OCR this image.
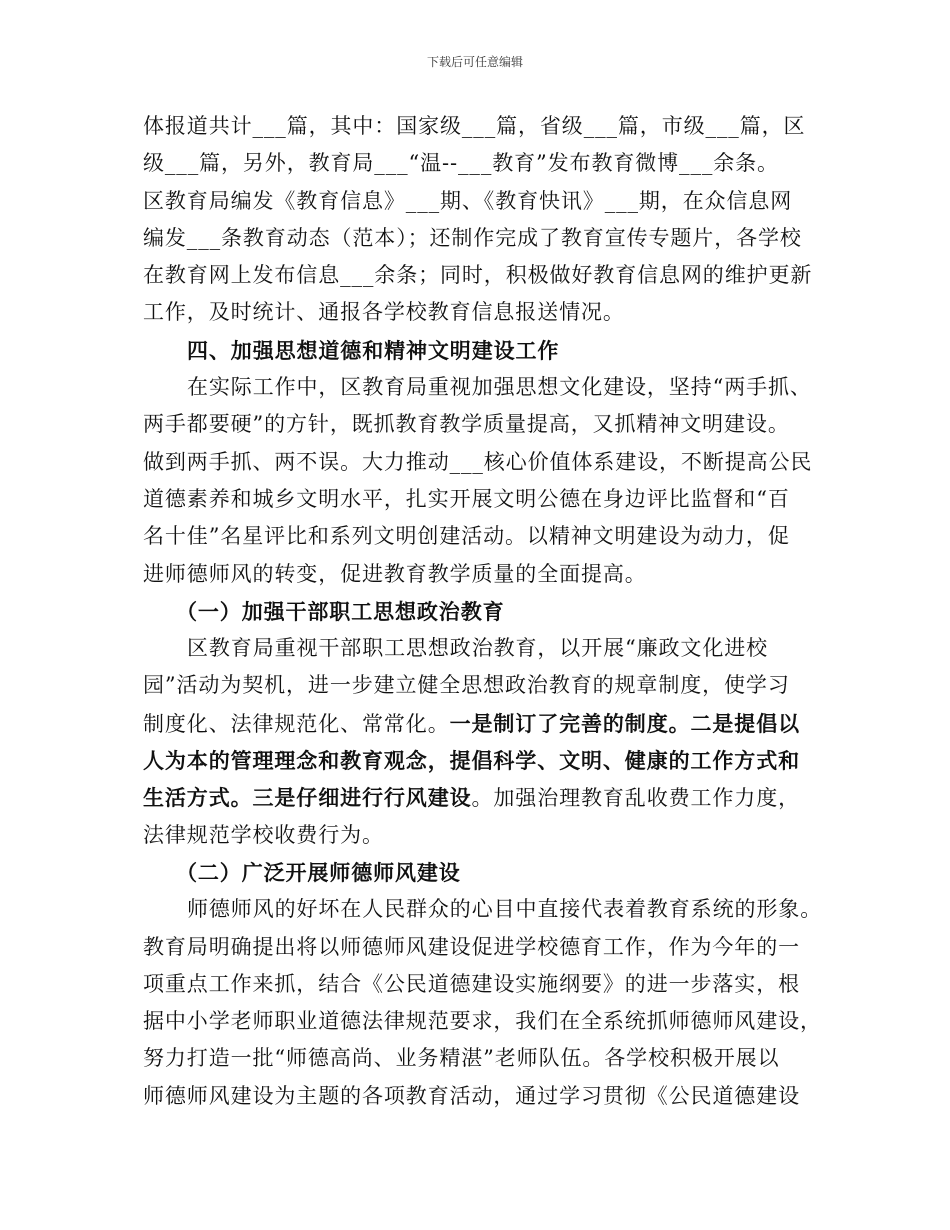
下载后可任意编辑
体报道共计___篇，其中：国家级___篇，省级___篇，市级___篇，区
级___篇，另外，教育局___“温--___教育”发布教育微博___余条。
区教育局编发《教育信息》___期、《教育快讯》___期，在众信息网
编发___条教育动态（范本）；还制作完成了教育宣传专题片，各学校
在教育网上发布信息___余条；同时，积极做好教育信息网的维护更新
工作，及时统计、通报各学校教育信息报送情况。
四、加强思想道德和精神文明建设工作
在实际工作中，区教育局重视加强思想文化建设，坚持“两手抓、
两手都要硬”的方针，既抓教育教学质量提高，又抓精神文明建设。
做到两手抓、两不误。大力推动___核心价值体系建设，不断提高公民
道德素养和城乡文明水平，扎实开展文明公德在身边评比监督和“百
名十佳”名星评比和系列文明创建活动。以精神文明建设为动力，促
进师德师风的转变，促进教育教学质量的全面提高。
（一）加强干部职工思想政治教育
区教育局重视干部职工思想政治教育，以开展“廉政文化进校
园”活动为契机，进一步建立健全思想政治教育的规章制度，使学习
制度化、法律规范化、常常化。一是制订了完善的制度。二是提倡以
人为本的管理理念和教育观念，提倡科学、文明、健康的工作方式和
生活方式。三是仔细进行行风建设。加强治理教育乱收费工作力度，
法律规范学校收费行为。
（二）广泛开展师德师风建设
师德师风的好坏在人民群众的心目中直接代表着教育系统的形象。
教育局明确提出将以师德师风建设促进学校德育工作，作为今年的一
项重点工作来抓，结合《公民道德建设实施纲要》的进一步落实，根
据中小学老师职业道德法律规范要求，我们在全系统抓师德师风建设，
努力打造一批“师德高尚、业务精湛”老师队伍。各学校积极开展以
师德师风建设为主题的各项教育活动，通过学习贯彻《公民道德建设
